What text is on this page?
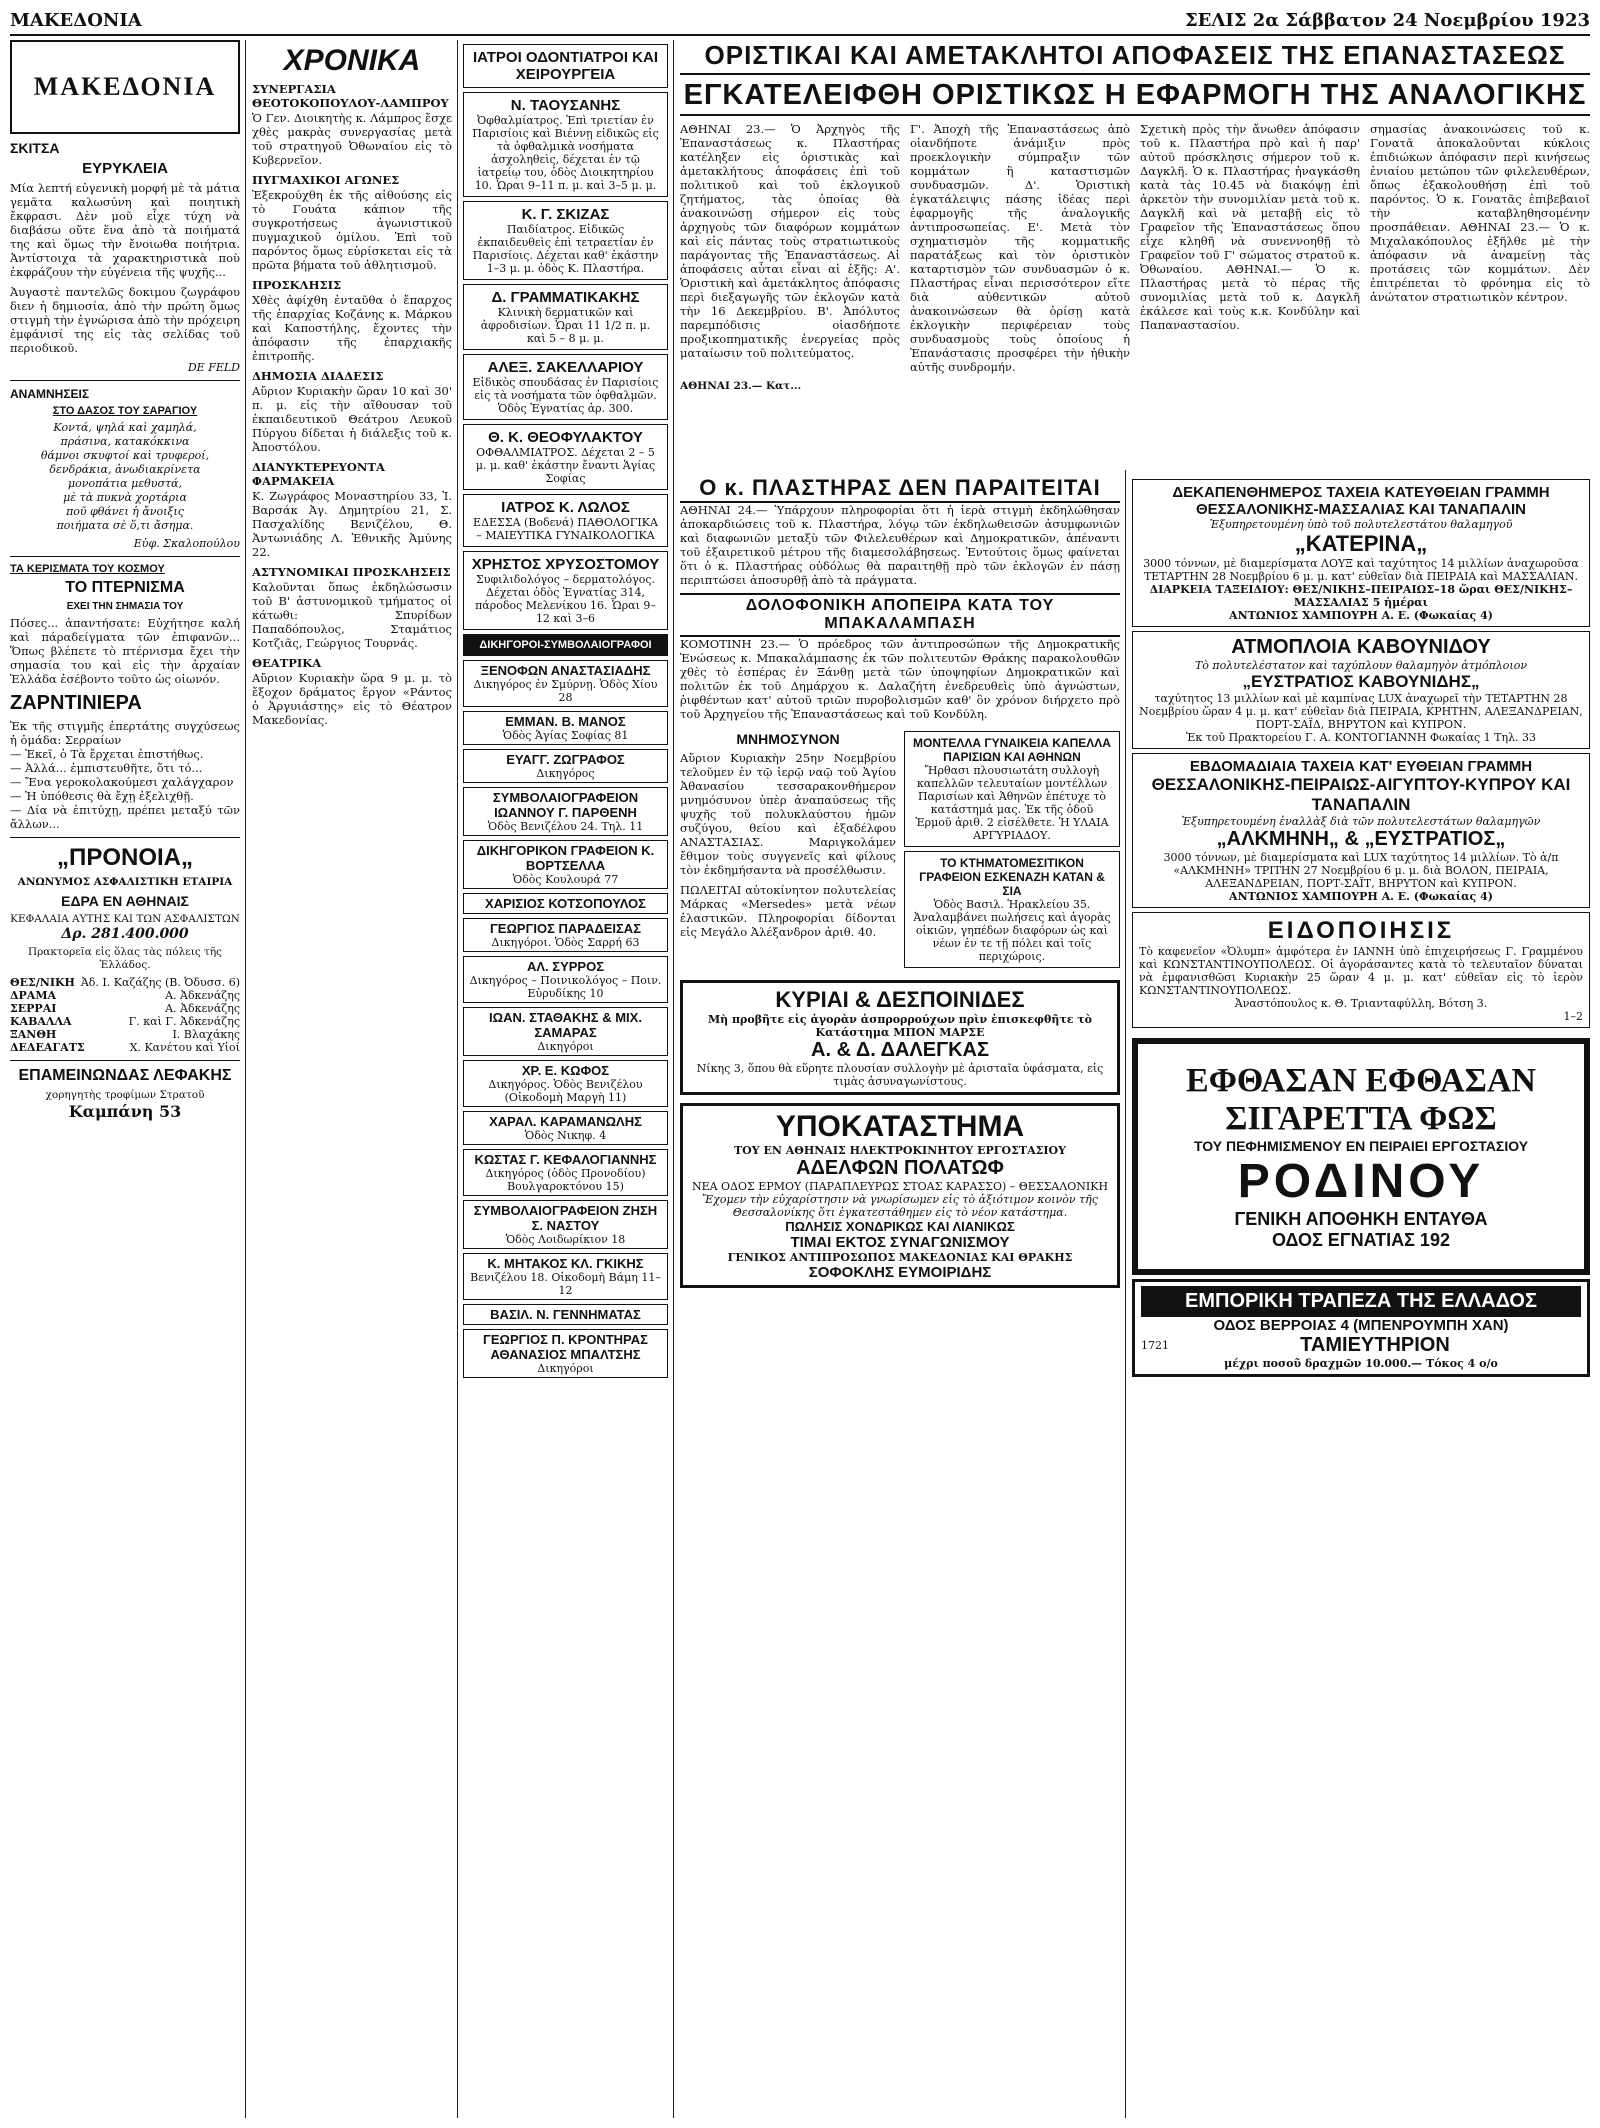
ΜΑΚΕΔΟΝΙΑ	ΣΕΛΙΣ 2α Σάββατον 24 Νοεμβρίου 1923
ΜΑΚΕΔΟΝΙΑ
ΣΚΙΤΣΑ
ΕΥΡΥΚΛΕΙΑ

Μία λεπτή εὐγενικὴ μορφή μὲ τὰ μάτια γεμᾶτα καλωσύνη καὶ ποιητικὴ ἔκφρασι. Δὲν μοῦ εἶχε τύχη νὰ διαβάσω οὔτε ἕνα ἀπὸ τὰ ποιήματά της καὶ ὅμως τὴν ἔνοιωθα ποιήτρια. Ἀντίστοιχα τὰ χαρακτηριστικὰ ποὺ ἐκφράζουν τὴν εὐγένεια τῆς ψυχῆς...

Ἀυγαστὲ παντελῶς δοκιμου ζωγράφου διεν ἡ δημιοσία, ἀπὸ τὴν πρώτη ὅμως στιγμὴ τὴν ἐγνώρισα ἀπὸ τὴν πρόχειρη ἐμφάνισί της εἰς τὰς σελίδας τοῦ περιοδικοῦ.

DE FELD
ΑΝΑΜΝΗΣΕΙΣ
ΣΤΟ ΔΑΣΟΣ ΤΟΥ ΣΑΡΑΓΙΟΥ
Κοντά, ψηλά καὶ χαμηλά,
πράσινα, κατακόκκινα
θάμνοι σκυφτοί καὶ τρυφεροί,
δενδράκια, ἀνωδιακρίνετα
μονοπάτια μεθυστά,
μὲ τὰ πυκνὰ χορτάρια
ποῦ φθάνει ἡ ἄνοιξις
ποιήματα σὲ ὅ,τι ἄσημα.
Εὐφ. Σκαλοπούλου
ΤΑ ΚΕΡΙΣΜΑΤΑ ΤΟΥ ΚΟΣΜΟΥ
ΤΟ ΠΤΕΡΝΙΣΜΑ
ΕΧΕΙ ΤΗΝ ΣΗΜΑΣΙΑ ΤΟΥ

Πόσες... ἀπαντήσατε: Εὐχήτησε καλή καὶ πάραδείγματα τῶν ἐπιφανῶν... Ὅπως βλέπετε τὸ πτέρνισμα ἔχει τὴν σημασία του καὶ εἰς τὴν ἀρχαίαν Ἑλλάδα ἐσέβοντο τοῦτο ὡς οἰωνόν.

ΖΑΡΝΤΙΝΙΕΡΑ

Ἐκ τῆς στιγμῆς ἐπερτάτης συγχύσεως ἡ ὁμάδα: Σερραίων
— Ἐκεῖ, ὁ Τὰ ἔρχεται ἐπιστήθως.
— Ἀλλά... ἐμπιστευθῆτε, ὅτι τό...
— Ἔνα γεροκολακούμεσι χαλάγχαρον
— Ἡ ὑπόθεσις θὰ ἔχῃ ἐξελιχθῇ.
— Δία νὰ ἐπιτύχῃ, πρέπει μεταξύ τῶν ἄλλων...

„ΠΡΟΝΟΙΑ„
ΑΝΩΝΥΜΟΣ ΑΣΦΑΛΙΣΤΙΚΗ ΕΤΑΙΡΙΑ
ΕΔΡΑ ΕΝ ΑΘΗΝΑΙΣ
ΚΕΦΑΛΑΙΑ ΑΥΤΗΣ ΚΑΙ ΤΩΝ ΑΣΦΑΛΙΣΤΩΝ
Δρ. 281.400.000
Πρακτορεῖα εἰς ὅλας τὰς πόλεις τῆς Ἑλλάδος.
ΘΕΣ/ΝΙΚΗ Ἀδ. Ι. Καζάζης (Β. Ὀδυσσ. 6)
ΔΡΑΜΑ	Α. Ἀδκενάζης
ΣΕΡΡΑΙ	Α. Ἀδκενάζης
ΚΑΒΑΛΛΑ	Γ. καὶ Γ. Ἀδκενάζης
ΞΑΝΘΗ	Ι. Βλαχάκης
ΔΕΔΕΑΓΑΤΣ	Χ. Κανέτου καὶ Υἱοί
ΕΠΑΜΕΙΝΩΝΔΑΣ ΛΕΦΑΚΗΣ
χορηγητὴς τροφίμων Στρατοῦ
Καμπάνη 53
ΧΡΟΝΙΚΑ
ΣΥΝΕΡΓΑΣΙΑ ΘΕΟΤΟΚΟΠΟΥΛΟΥ-ΛΑΜΠΡΟΥ

Ὁ Γεν. Διοικητὴς κ. Λάμπρος ἔσχε χθὲς μακρὰς συνεργασίας μετὰ τοῦ στρατηγοῦ Ὀθωναίου εἰς τὸ Κυβερνεῖον.

ΠΥΓΜΑΧΙΚΟΙ ΑΓΩΝΕΣ

Ἐξεκρούχθη ἐκ τῆς αἰθούσης εἰς τὸ Γουάτα κάπιον τῆς συγκροτήσεως ἀγωνιστικοῦ πυγμαχικοῦ ὁμίλου. Ἐπὶ τοῦ παρόντος ὅμως εὑρίσκεται εἰς τὰ πρῶτα βήματα τοῦ ἀθλητισμοῦ.

ΠΡΟΣΚΛΗΣΙΣ

Χθὲς ἀφίχθη ἐνταῦθα ὁ ἔπαρχος τῆς ἐπαρχίας Κοζάνης κ. Μάρκου καὶ Καποστήλης, ἔχοντες τὴν ἀπόφασιν τῆς ἐπαρχιακῆς ἐπιτροπῆς.

ΔΗΜΟΣΙΑ ΔΙΑΔΕΣΙΣ

Αὔριον Κυριακὴν ὥραν 10 καὶ 30' π. μ. εἰς τὴν αἴθουσαν τοῦ ἐκπαιδευτικοῦ Θεάτρου Λευκοῦ Πύργου δίδεται ἡ διάλεξις τοῦ κ. Ἀποστόλου.

ΔΙΑΝΥΚΤΕΡΕΥΟΝΤΑ ΦΑΡΜΑΚΕΙΑ

Κ. Ζωγράφος Μοναστηρίου 33, Ἰ. Βαρσάκ Ἀγ. Δημητρίου 21, Σ. Πασχαλίδης Βενιζέλου, Θ. Ἀντωνιάδης Λ. Ἐθνικῆς Ἀμύνης 22.

ΑΣΤΥΝΟΜΙΚΑΙ ΠΡΟΣΚΛΗΣΕΙΣ

Καλοῦνται ὅπως ἐκδηλώσωσιν τοῦ Β' ἀστυνομικοῦ τμήματος οἱ κάτωθι: Σπυρίδων Παπαδόπουλος, Σταμάτιος Κοτζιᾶς, Γεώργιος Τουρνάς.

ΘΕΑΤΡΙΚΑ

Αὔριον Κυριακὴν ὥρα 9 μ. μ. τὸ ἔξοχον δράματος ἔργον «Ράντος ὁ Ἀργυιάστης» εἰς τὸ Θέατρον Μακεδονίας.

ΙΑΤΡΟΙ ΟΔΟΝΤΙΑΤΡΟΙ ΚΑΙ ΧΕΙΡΟΥΡΓΕΙΑ
Ν. ΤΑΟΥΣΑΝΗΣ
Ὀφθαλμίατρος. Ἐπὶ τριετίαν ἐν Παρισίοις καὶ Βιέννῃ εἰδικῶς εἰς τὰ ὀφθαλμικὰ νοσήματα ἀσχοληθεὶς, δέχεται ἐν τῷ ἰατρείῳ του, ὁδὸς Διοικητηρίου 10. Ὧραι 9–11 π. μ. καὶ 3–5 μ. μ.
Κ. Γ. ΣΚΙΖΑΣ
Παιδίατρος. Εἰδικῶς ἐκπαιδευθεὶς ἐπὶ τετραετίαν ἐν Παρισίοις. Δέχεται καθ' ἑκάστην 1–3 μ. μ. ὁδὸς Κ. Πλαστήρα.
Δ. ΓΡΑΜΜΑΤΙΚΑΚΗΣ
Κλινικὴ δερματικῶν καὶ ἀφροδισίων. Ὧραι 11 1/2 π. μ. καὶ 5 – 8 μ. μ.
ΑΛΕΞ. ΣΑΚΕΛΛΑΡΙΟΥ
Εἰδικὸς σπουδάσας ἐν Παρισίοις εἰς τὰ νοσήματα τῶν ὀφθαλμῶν. Ὁδὸς Ἐγνατίας ἀρ. 300.
Θ. Κ. ΘΕΟΦΥΛΑΚΤΟΥ
ΟΦΘΑΛΜΙΑΤΡΟΣ. Δέχεται 2 – 5 μ. μ. καθ' ἑκάστην ἔναντι Ἁγίας Σοφίας
ΙΑΤΡΟΣ Κ. ΛΩΛΟΣ
ΕΔΕΣΣΑ (Βοδενά) ΠΑΘΟΛΟΓΙΚΑ – ΜΑΙΕΥΤΙΚΑ ΓΥΝΑΙΚΟΛΟΓΙΚΑ
ΧΡΗΣΤΟΣ ΧΡΥΣΟΣΤΟΜΟΥ
Συφιλιδολόγος – δερματολόγος. Δέχεται ὁδὸς Ἐγνατίας 314, πάροδος Μελενίκου 16. Ὧραι 9–12 καὶ 3–6
ΔΙΚΗΓΟΡΟΙ-ΣΥΜΒΟΛΑΙΟΓΡΑΦΟΙ
ΞΕΝΟΦΩΝ ΑΝΑΣΤΑΣΙΑΔΗΣ
Δικηγόρος ἐν Σμύρνῃ. Ὁδὸς Χίου 28
ΕΜΜΑΝ. Β. ΜΑΝΟΣ
Ὁδὸς Ἁγίας Σοφίας 81
ΕΥΑΓΓ. ΖΩΓΡΑΦΟΣ
Δικηγόρος
ΣΥΜΒΟΛΑΙΟΓΡΑΦΕΙΟΝ ΙΩΑΝΝΟΥ Γ. ΠΑΡΘΕΝΗ
Ὁδὸς Βενιζέλου 24. Τηλ. 11
ΔΙΚΗΓΟΡΙΚΟΝ ΓΡΑΦΕΙΟΝ Κ. ΒΟΡΤΣΕΛΛΑ
Ὁδὸς Κουλουρά 77
ΧΑΡΙΣΙΟΣ ΚΟΤΣΟΠΟΥΛΟΣ
ΓΕΩΡΓΙΟΣ ΠΑΡΑΔΕΙΣΑΣ
Δικηγόροι. Ὁδὸς Σαρρή 63
ΑΛ. ΣΥΡΡΟΣ
Δικηγόρος – Ποινικολόγος – Ποιν. Εὐρυδίκης 10
ΙΩΑΝ. ΣΤΑΘΑΚΗΣ & ΜΙΧ. ΣΑΜΑΡΑΣ
Δικηγόροι
ΧΡ. Ε. ΚΩΦΟΣ
Δικηγόρος. Ὁδὸς Βενιζέλου (Οἰκοδομὴ Μαργὴ 11)
ΧΑΡΑΛ. ΚΑΡΑΜΑΝΩΛΗΣ
Ὁδὸς Νικηφ. 4
ΚΩΣΤΑΣ Γ. ΚΕΦΑΛΟΓΙΑΝΝΗΣ
Δικηγόρος (ὁδὸς Προνοδίου) Βουλγαροκτόνου 15)
ΣΥΜΒΟΛΑΙΟΓΡΑΦΕΙΟΝ ΖΗΣΗ Σ. ΝΑΣΤΟΥ
Ὁδὸς Λοιδωρίκιον 18
Κ. ΜΗΤΑΚΟΣ ΚΛ. ΓΚΙΚΗΣ
Βενιζέλου 18. Οἰκοδομὴ Βάμη 11–12
ΒΑΣΙΛ. Ν. ΓΕΝΝΗΜΑΤΑΣ
ΓΕΩΡΓΙΟΣ Π. ΚΡΟΝΤΗΡΑΣ ΑΘΑΝΑΣΙΟΣ ΜΠΑΛΤΣΗΣ
Δικηγόροι
ΟΡΙΣΤΙΚΑΙ ΚΑΙ ΑΜΕΤΑΚΛΗΤΟΙ ΑΠΟΦΑΣΕΙΣ ΤΗΣ ΕΠΑΝΑΣΤΑΣΕΩΣ
ΕΓΚΑΤΕΛΕΙΦΘΗ ΟΡΙΣΤΙΚΩΣ Η ΕΦΑΡΜΟΓΗ ΤΗΣ ΑΝΑΛΟΓΙΚΗΣ

ΑΘΗΝΑΙ 23.— Ὁ Ἀρχηγὸς τῆς Ἐπαναστάσεως κ. Πλαστήρας κατέληξεν εἰς ὁριστικὰς καὶ ἀμετακλήτους ἀποφάσεις ἐπὶ τοῦ πολιτικοῦ καὶ τοῦ ἐκλογικοῦ ζητήματος, τὰς ὁποίας θὰ ἀνακοινώσῃ σήμερον εἰς τοὺς ἀρχηγοὺς τῶν διαφόρων κομμάτων καὶ εἰς πάντας τοὺς στρατιωτικοὺς παράγοντας τῆς Ἐπαναστάσεως. Αἱ ἀποφάσεις αὗται εἶναι αἱ ἑξῆς: Α'. Ὁριστικὴ καὶ ἀμετάκλητος ἀπόφασις περὶ διεξαγωγῆς τῶν ἐκλογῶν κατὰ τὴν 16 Δεκεμβρίου. Β'. Ἀπόλυτος παρεμπόδισις οἱασδήποτε προξικοπηματικῆς ἐνεργείας πρὸς ματαίωσιν τοῦ πολιτεύματος.

Γ'. Ἀποχὴ τῆς Ἐπαναστάσεως ἀπὸ οἱανδήποτε ἀνάμιξιν πρὸς προεκλογικὴν σύμπραξιν τῶν κομμάτων ἢ καταστισμῶν συνδυασμῶν. Δ'. Ὁριστικὴ ἐγκατάλειψις πάσης ἰδέας περὶ ἐφαρμογῆς τῆς ἀναλογικῆς ἀντιπροσωπείας. Ε'. Μετὰ τὸν σχηματισμὸν τῆς κομματικῆς παρατάξεως καὶ τὸν ὁριστικὸν καταρτισμὸν τῶν συνδυασμῶν ὁ κ. Πλαστήρας εἶναι περισσότερον εἴτε διὰ αὐθεντικῶν αὐτοῦ ἀνακοινώσεων θὰ ὁρίσῃ κατὰ ἐκλογικὴν περιφέρειαν τοὺς συνδυασμοὺς τοὺς ὁποίους ἡ Ἐπανάστασις προσφέρει τὴν ἠθικὴν αὐτῆς συνδρομήν.

Σχετικὴ πρὸς τὴν ἄνωθεν ἀπόφασιν τοῦ κ. Πλαστήρα πρὸ καὶ ἡ παρ' αὐτοῦ πρόσκλησις σήμερον τοῦ κ. Δαγκλῆ. Ὁ κ. Πλαστήρας ἠναγκάσθη κατὰ τὰς 10.45 νὰ διακόψῃ ἐπὶ ἀρκετὸν τὴν συνομιλίαν μετὰ τοῦ κ. Δαγκλῆ καὶ νὰ μεταβῇ εἰς τὸ Γραφεῖον τῆς Ἐπαναστάσεως ὅπου εἶχε κληθῆ νὰ συνεννοηθῇ τὸ Γραφεῖον τοῦ Γ' σώματος στρατοῦ κ. Ὀθωναίου. ΑΘΗΝΑΙ.— Ὁ κ. Πλαστήρας μετὰ τὸ πέρας τῆς συνομιλίας μετὰ τοῦ κ. Δαγκλῆ ἐκάλεσε καὶ τοὺς κ.κ. Κονδύλην καὶ Παπαναστασίου.

σημασίας ἀνακοινώσεις τοῦ κ. Γονατᾶ ἀποκαλοῦνται κύκλοις ἐπιδιώκων ἀπόφασιν περὶ κινήσεως ἐνιαίου μετώπου τῶν φιλελευθέρων, ὅπως ἐξακολουθήσῃ ἐπὶ τοῦ παρόντος. Ὁ κ. Γονατᾶς ἐπιβεβαιοῖ τὴν καταβληθησομένην προσπάθειαν. ΑΘΗΝΑΙ 23.— Ὁ κ. Μιχαλακόπουλος ἐξῆλθε μὲ τὴν ἀπόφασιν νὰ ἀναμείνῃ τὰς προτάσεις τῶν κομμάτων. Δὲν ἐπιτρέπεται τὸ φρόνημα εἰς τὸ ἀνώτατον στρατιωτικὸν κέντρον.

ΑΘΗΝΑΙ 23.— Κατ...
Ο κ. ΠΛΑΣΤΗΡΑΣ ΔΕΝ ΠΑΡΑΙΤΕΙΤΑΙ

ΑΘΗΝΑΙ 24.— Ὑπάρχουν πληροφορίαι ὅτι ἡ ἱερὰ στιγμὴ ἐκδηλώθησαν ἀποκαρδιώσεις τοῦ κ. Πλαστήρα, λόγῳ τῶν ἐκδηλωθεισῶν ἀσυμφωνιῶν καὶ διαφωνιῶν μεταξὺ τῶν Φιλελευθέρων καὶ Δημοκρατικῶν, ἀπέναντι τοῦ ἐξαιρετικοῦ μέτρου τῆς διαμεσολάβησεως. Ἐντούτοις ὅμως φαίνεται ὅτι ὁ κ. Πλαστήρας οὐδόλως θὰ παραιτηθῇ πρὸ τῶν ἐκλογῶν ἐν πάσῃ περιπτώσει ἀποσυρθῇ ἀπὸ τὰ πράγματα.

ΔΟΛΟΦΟΝΙΚΗ ΑΠΟΠΕΙΡΑ ΚΑΤΑ ΤΟΥ ΜΠΑΚΑΛΑΜΠΑΣΗ

ΚΟΜΟΤΙΝΗ 23.— Ὁ πρόεδρος τῶν ἀντιπροσώπων τῆς Δημοκρατικῆς Ἑνώσεως κ. Μπακαλάμπασης ἐκ τῶν πολιτευτῶν Θράκης παρακολουθῶν χθὲς τὸ ἑσπέρας ἐν Ξάνθῃ μετὰ τῶν ὑποψηφίων Δημοκρατικῶν καὶ πολιτῶν ἐκ τοῦ Δημάρχου κ. Δαλαζήτη ἐνεδρευθεὶς ὑπὸ ἀγνώστων, ῥιφθέντων κατ' αὐτοῦ τριῶν πυροβολισμῶν καθ' ὃν χρόνον διήρχετο πρὸ τοῦ Ἀρχηγείου τῆς Ἐπαναστάσεως καὶ τοῦ Κονδύλη.

ΜΝΗΜΟΣΥΝΟΝ

Αὔριον Κυριακὴν 25ην Νοεμβρίου τελοῦμεν ἐν τῷ ἱερῷ ναῷ τοῦ Ἁγίου Ἀθανασίου τεσσαρακονθήμερον μνημόσυνον ὑπὲρ ἀναπαύσεως τῆς ψυχῆς τοῦ πολυκλαύστου ἡμῶν συζύγου, θείου καὶ ἐξαδέλφου ΑΝΑΣΤΑΣΙΑΣ. Μαριγκολάμεν ἔθιμον τοὺς συγγενεῖς καὶ φίλους τὸν ἐκδημήσαντα νὰ προσέλθωσιν.

ΠΩΛΕΙΤΑΙ αὐτοκίνητον πολυτελείας Μάρκας «Mersedes» μετὰ νέων ἐλαστικῶν. Πληροφορίαι δίδονται εἰς Μεγάλο Ἀλέξανδρον ἀριθ. 40.

ΜΟΝΤΕΛΛΑ ΓΥΝΑΙΚΕΙΑ ΚΑΠΕΛΛΑ ΠΑΡΙΣΙΩΝ ΚΑΙ ΑΘΗΝΩΝ
Ἤρθασι πλουσιωτάτη συλλογὴ καπελλῶν τελευταίων μοντέλλων Παρισίων καὶ Ἀθηνῶν ἐπέτυχε τὸ κατάστημά μας. Ἐκ τῆς ὁδοῦ Ἑρμοῦ ἀριθ. 2 εἰσέλθετε. Ἡ ΥΛΑΙΑ ΑΡΓΥΡΙΑΔΟΥ.
ΤΟ ΚΤΗΜΑΤΟΜΕΣΙΤΙΚΟΝ ΓΡΑΦΕΙΟΝ ΕΣΚΕΝΑΖΗ ΚΑΤΑΝ & ΣΙΑ
Ὁδὸς Βασιλ. Ἡρακλείου 35. Ἀναλαμβάνει πωλήσεις καὶ ἀγορὰς οἰκιῶν, γηπέδων διαφόρων ὡς καὶ νέων ἐν τε τῇ πόλει καὶ τοῖς περιχώροις.
ΚΥΡΙΑΙ & ΔΕΣΠΟΙΝΙΔΕΣ
Μὴ προβῆτε εἰς ἀγορὰν ἀσπρορρούχων πρὶν ἐπισκεφθῆτε τὸ Κατάστημα ΜΠΟΝ ΜΑΡΣΕ
Α. & Δ. ΔΑΛΕΓΚΑΣ
Νίκης 3, ὅπου θὰ εὕρητε πλουσίαν συλλογὴν μὲ ἀρισταῖα ὑφάσματα, εἰς τιμὰς ἀσυναγωνίστους.
ΥΠΟΚΑΤΑΣΤΗΜΑ
ΤΟΥ ΕΝ ΑΘΗΝΑΙΣ ΗΛΕΚΤΡΟΚΙΝΗΤΟΥ ΕΡΓΟΣΤΑΣΙΟΥ
ΑΔΕΛΦΩΝ ΠΟΛΑΤΩΦ
ΝΕΑ ΟΔΟΣ ΕΡΜΟΥ (ΠΑΡΑΠΛΕΥΡΩΣ ΣΤΟΑΣ ΚΑΡΑΣΣΟ) – ΘΕΣΣΑΛΟΝΙΚΗ
Ἔχομεν τὴν εὐχαρίστησιν νὰ γνωρίσωμεν εἰς τὸ ἀξιότιμον κοινὸν τῆς Θεσσαλονίκης ὅτι ἐγκατεστάθημεν εἰς τὸ νέον κατάστημα.
ΠΩΛΗΣΙΣ ΧΟΝΔΡΙΚΩΣ ΚΑΙ ΛΙΑΝΙΚΩΣ
ΤΙΜΑΙ ΕΚΤΟΣ ΣΥΝΑΓΩΝΙΣΜΟΥ
ΓΕΝΙΚΟΣ ΑΝΤΙΠΡΟΣΩΠΟΣ ΜΑΚΕΔΟΝΙΑΣ ΚΑΙ ΘΡΑΚΗΣ
ΣΟΦΟΚΛΗΣ ΕΥΜΟΙΡΙΔΗΣ
ΔΕΚΑΠΕΝΘΗΜΕΡΟΣ ΤΑΧΕΙΑ ΚΑΤΕΥΘΕΙΑΝ ΓΡΑΜΜΗ
ΘΕΣΣΑΛΟΝΙΚΗΣ-ΜΑΣΣΑΛΙΑΣ ΚΑΙ ΤΑΝΑΠΑΛΙΝ
Ἐξυπηρετουμένη ὑπὸ τοῦ πολυτελεστάτου θαλαμηγοῦ
„ΚΑΤΕΡΙΝΑ„
3000 τόννων, μὲ διαμερίσματα ΛΟΥΞ καὶ ταχύτητος 14 μιλλίων ἀναχωροῦσα ΤΕΤΑΡΤΗΝ 28 Νοεμβρίου 6 μ. μ. κατ' εὐθεῖαν διὰ ΠΕΙΡΑΙΑ καὶ ΜΑΣΣΑΛΙΑΝ.
ΔΙΑΡΚΕΙΑ ΤΑΞΕΙΔΙΟΥ: ΘΕΣ/ΝΙΚΗΣ–ΠΕΙΡΑΙΩΣ–18 ὥραι ΘΕΣ/ΝΙΚΗΣ–ΜΑΣΣΑΛΙΑΣ 5 ἡμέραι
ΑΝΤΩΝΙΟΣ ΧΑΜΠΟΥΡΗ Α. Ε. (Φωκαίας 4)
ΑΤΜΟΠΛΟΙΑ ΚΑΒΟΥΝΙΔΟΥ
Τὸ πολυτελέστατον καὶ ταχύπλουν θαλαμηγὸν ἀτμόπλοιον
„ΕΥΣΤΡΑΤΙΟΣ ΚΑΒΟΥΝΙΔΗΣ„
ταχύτητος 13 μιλλίων καὶ μὲ καμπίνας LUX ἀναχωρεῖ τὴν ΤΕΤΑΡΤΗΝ 28 Νοεμβρίου ὥραν 4 μ. μ. κατ' εὐθεῖαν διὰ ΠΕΙΡΑΙΑ, ΚΡΗΤΗΝ, ΑΛΕΞΑΝΔΡΕΙΑΝ, ΠΟΡΤ-ΣΑΪΔ, ΒΗΡΥΤΟΝ καὶ ΚΥΠΡΟΝ.
Ἐκ τοῦ Πρακτορείου Γ. Α. ΚΟΝΤΟΓΙΑΝΝΗ Φωκαίας 1 Τηλ. 33
ΕΒΔΟΜΑΔΙΑΙΑ ΤΑΧΕΙΑ ΚΑΤ' ΕΥΘΕΙΑΝ ΓΡΑΜΜΗ
ΘΕΣΣΑΛΟΝΙΚΗΣ-ΠΕΙΡΑΙΩΣ-ΑΙΓΥΠΤΟΥ-ΚΥΠΡΟΥ ΚΑΙ ΤΑΝΑΠΑΛΙΝ
Ἐξυπηρετουμένη ἐναλλὰξ διὰ τῶν πολυτελεστάτων θαλαμηγῶν
„ΑΛΚΜΗΝΗ„ & „ΕΥΣΤΡΑΤΙΟΣ„
3000 τόννων, μὲ διαμερίσματα καὶ LUX ταχύτητος 14 μιλλίων. Τὸ ἀ/π «ΑΛΚΜΗΝΗ» ΤΡΙΤΗΝ 27 Νοεμβρίου 6 μ. μ. διὰ ΒΟΛΟΝ, ΠΕΙΡΑΙΑ, ΑΛΕΞΑΝΔΡΕΙΑΝ, ΠΟΡΤ-ΣΑΪΤ, ΒΗΡΥΤΟΝ καὶ ΚΥΠΡΟΝ.
ΑΝΤΩΝΙΟΣ ΧΑΜΠΟΥΡΗ Α. Ε. (Φωκαίας 4)
ΕΙΔΟΠΟΙΗΣΙΣ
Τὸ καφενεῖον «Ὀλυμπ» ἀμφότερα ἐν ΙΑΝΝΗ ὑπὸ ἐπιχειρήσεως Γ. Γραμμένου καὶ ΚΩΝΣΤΑΝΤΙΝΟΥΠΟΛΕΩΣ. Οἱ ἀγοράσαντες κατὰ τὸ τελευταῖον δύναται νὰ ἐμφανισθῶσι Κυριακὴν 25 ὥραν 4 μ. μ. κατ' εὐθεῖαν εἰς τὸ ἱερὸν ΚΩΝΣΤΑΝΤΙΝΟΥΠΟΛΕΩΣ.
Ἀναστόπουλος κ. Θ. Τριανταφύλλη, Βότση 3.
1–2
ΕΦΘΑΣΑΝ ΕΦΘΑΣΑΝ
ΣΙΓΑΡΕΤΤΑ ΦΩΣ
ΤΟΥ ΠΕΦΗΜΙΣΜΕΝΟΥ ΕΝ ΠΕΙΡΑΙΕΙ ΕΡΓΟΣΤΑΣΙΟΥ
ΡΟΔΙΝΟΥ
ΓΕΝΙΚΗ ΑΠΟΘΗΚΗ ΕΝΤΑΥΘΑ
ΟΔΟΣ ΕΓΝΑΤΙΑΣ 192
ΕΜΠΟΡΙΚΗ ΤΡΑΠΕΖΑ ΤΗΣ ΕΛΛΑΔΟΣ
ΟΔΟΣ ΒΕΡΡΟΙΑΣ 4 (ΜΠΕΝΡΟΥΜΠΗ ΧΑΝ)
1721	ΤΑΜΙΕΥΤΗΡΙΟΝ
μέχρι ποσοῦ δραχμῶν 10.000.— Τόκος 4 ο/ο
